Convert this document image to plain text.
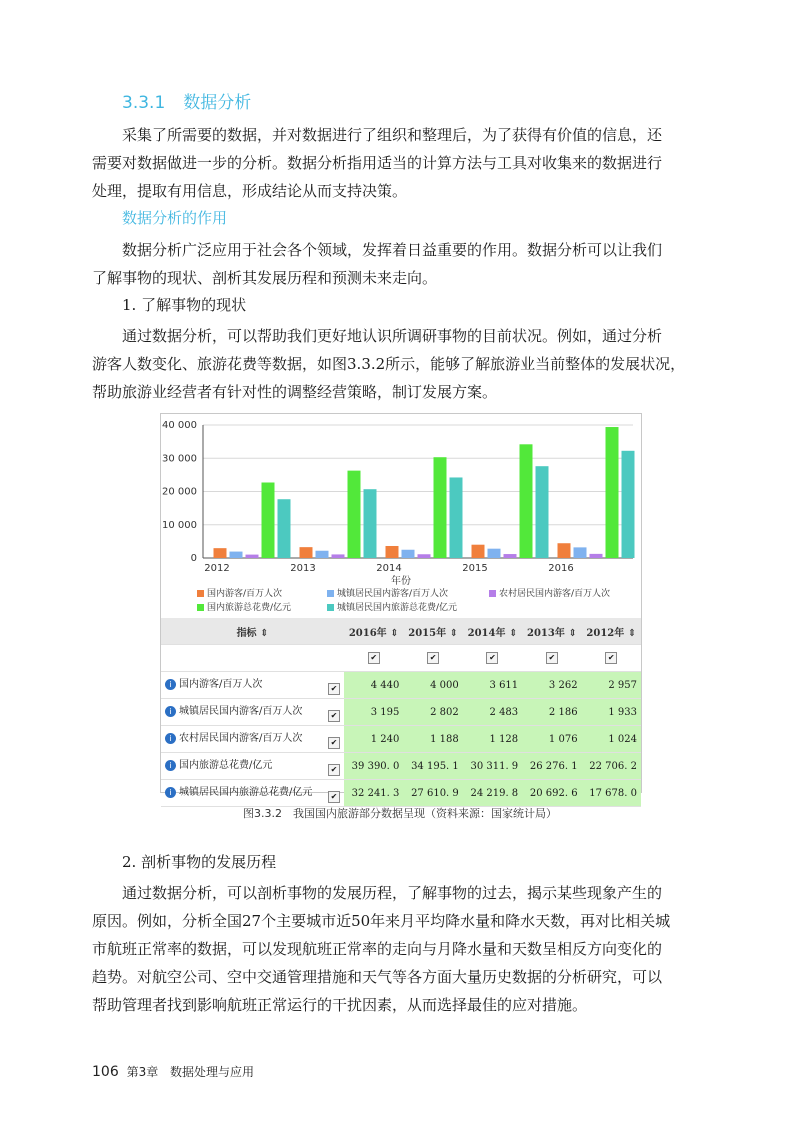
3.3.1 数据分析
采集了所需要的数据，并对数据进行了组织和整理后，为了获得有价值的信息，还
需要对数据做进一步的分析。数据分析指用适当的计算方法与工具对收集来的数据进行
处理，提取有用信息，形成结论从而支持决策。
数据分析的作用
数据分析广泛应用于社会各个领域，发挥着日益重要的作用。数据分析可以让我们
了解事物的现状、剖析其发展历程和预测未来走向。
1. 了解事物的现状
通过数据分析，可以帮助我们更好地认识所调研事物的目前状况。例如，通过分析
游客人数变化、旅游花费等数据，如图3.3.2所示，能够了解旅游业当前整体的发展状况，
帮助旅游业经营者有针对性的调整经营策略，制订发展方案。
40 000
30 000
20 000
10 000
0
2012	2013	2014	2015	2016
年份
国内游客/百万人次	城镇居民国内游客/百万人次	农村居民国内游客/百万人次
国内旅游总花费/亿元	城镇居民国内旅游总花费/亿元
指标 ⇕	2016年 ⇕	2015年 ⇕	2014年 ⇕	2013年 ⇕	2012年 ⇕
	✔	✔	✔	✔	✔
i 国内游客/百万人次 ✔	4 440	4 000	3 611	3 262	2 957
i 城镇居民国内游客/百万人次 ✔	3 195	2 802	2 483	2 186	1 933
i 农村居民国内游客/百万人次 ✔	1 240	1 188	1 128	1 076	1 024
i 国内旅游总花费/亿元 ✔	39 390. 0	34 195. 1	30 311. 9	26 276. 1	22 706. 2
i 城镇居民国内旅游总花费/亿元 ✔	32 241. 3	27 610. 9	24 219. 8	20 692. 6	17 678. 0
图3.3.2　我国国内旅游部分数据呈现（资料来源：国家统计局）
2. 剖析事物的发展历程
通过数据分析，可以剖析事物的发展历程，了解事物的过去，揭示某些现象产生的
原因。例如，分析全国27个主要城市近50年来月平均降水量和降水天数，再对比相关城
市航班正常率的数据，可以发现航班正常率的走向与月降水量和天数呈相反方向变化的
趋势。对航空公司、空中交通管理措施和天气等各方面大量历史数据的分析研究，可以
帮助管理者找到影响航班正常运行的干扰因素，从而选择最佳的应对措施。
106 第3章 数据处理与应用
